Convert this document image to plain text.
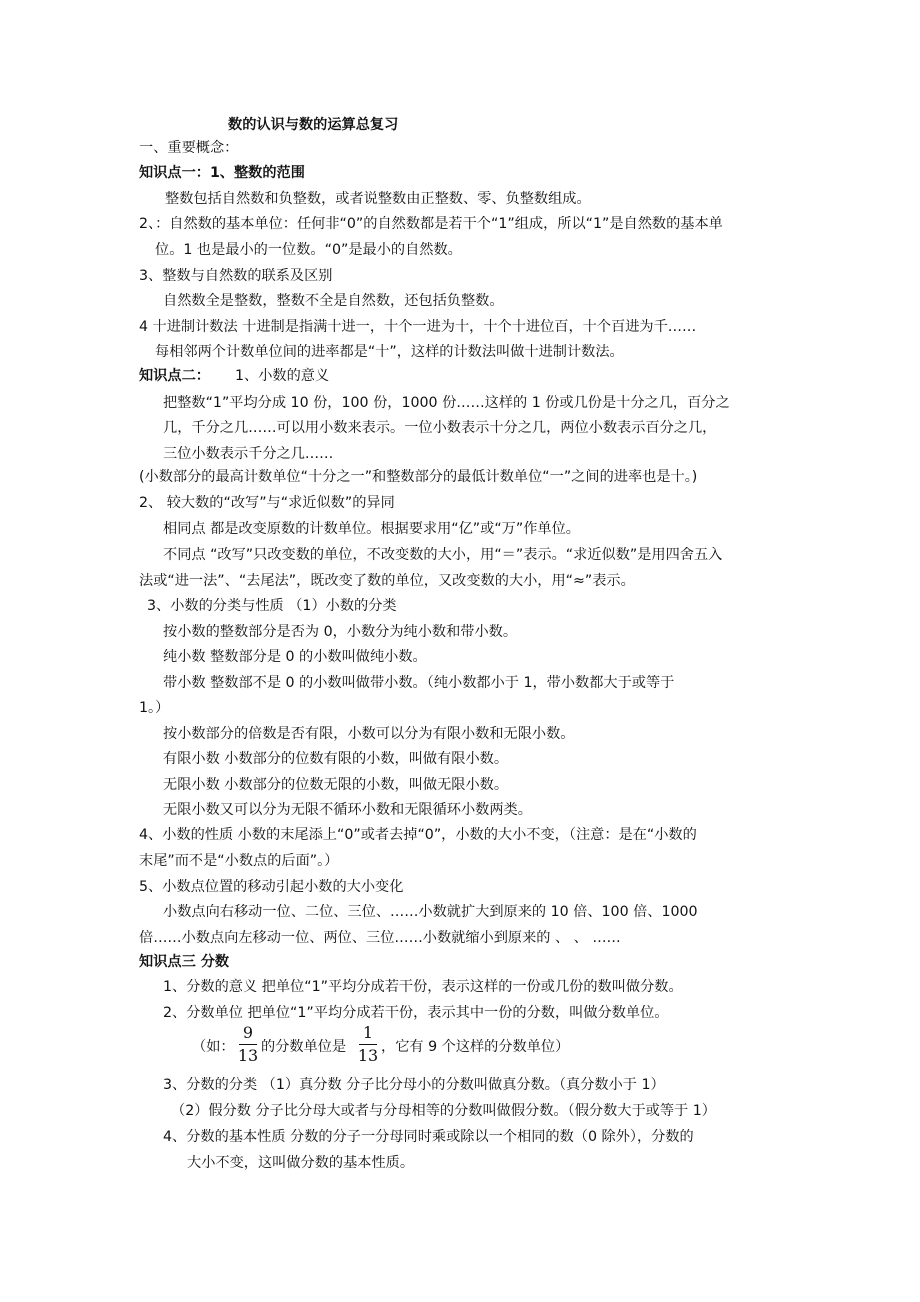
数的认识与数的运算总复习
一、重要概念：
知识点一：1、整数的范围
整数包括自然数和负整数，或者说整数由正整数、零、负整数组成。
2、：自然数的基本单位：任何非“0”的自然数都是若干个“1”组成，所以“1”是自然数的基本单
位。1 也是最小的一位数。“0”是最小的自然数。
3、整数与自然数的联系及区别
自然数全是整数，整数不全是自然数，还包括负整数。
4 十进制计数法 十进制是指满十进一，十个一进为十，十个十进位百，十个百进为千……
每相邻两个计数单位间的进率都是“十”，这样的计数法叫做十进制计数法。
知识点二： 1、小数的意义
把整数“1”平均分成 10 份，100 份，1000 份……这样的 1 份或几份是十分之几，百分之
几，千分之几……可以用小数来表示。一位小数表示十分之几，两位小数表示百分之几，
三位小数表示千分之几……
(小数部分的最高计数单位“十分之一”和整数部分的最低计数单位“一”之间的进率也是十。)
2、 较大数的“改写”与“求近似数”的异同
相同点 都是改变原数的计数单位。根据要求用“亿”或“万”作单位。
不同点 “改写”只改变数的单位，不改变数的大小，用“＝”表示。“求近似数”是用四舍五入
法或“进一法”、“去尾法”，既改变了数的单位，又改变数的大小，用“≈”表示。
3、小数的分类与性质 （1）小数的分类
按小数的整数部分是否为 0，小数分为纯小数和带小数。
纯小数 整数部分是 0 的小数叫做纯小数。
带小数 整数部不是 0 的小数叫做带小数。（纯小数都小于 1，带小数都大于或等于
1。）
按小数部分的倍数是否有限，小数可以分为有限小数和无限小数。
有限小数 小数部分的位数有限的小数，叫做有限小数。
无限小数 小数部分的位数无限的小数，叫做无限小数。
无限小数又可以分为无限不循环小数和无限循环小数两类。
4、小数的性质 小数的末尾添上“0”或者去掉“0”，小数的大小不变，（注意：是在“小数的
末尾”而不是“小数点的后面”。）
5、小数点位置的移动引起小数的大小变化
小数点向右移动一位、二位、三位、……小数就扩大到原来的 10 倍、100 倍、1000
倍……小数点向左移动一位、两位、三位……小数就缩小到原来的 、 、 ……
知识点三 分数
1、分数的意义 把单位“1”平均分成若干份，表示这样的一份或几份的数叫做分数。
2、分数单位 把单位“1”平均分成若干份，表示其中一份的分数，叫做分数单位。
（如：
9
13 的分数单位是
1
13 ，它有 9 个这样的分数单位）
3、分数的分类 （1）真分数 分子比分母小的分数叫做真分数。（真分数小于 1）
（2）假分数 分子比分母大或者与分母相等的分数叫做假分数。（假分数大于或等于 1）
4、分数的基本性质 分数的分子一分母同时乘或除以一个相同的数（0 除外），分数的
大小不变，这叫做分数的基本性质。
